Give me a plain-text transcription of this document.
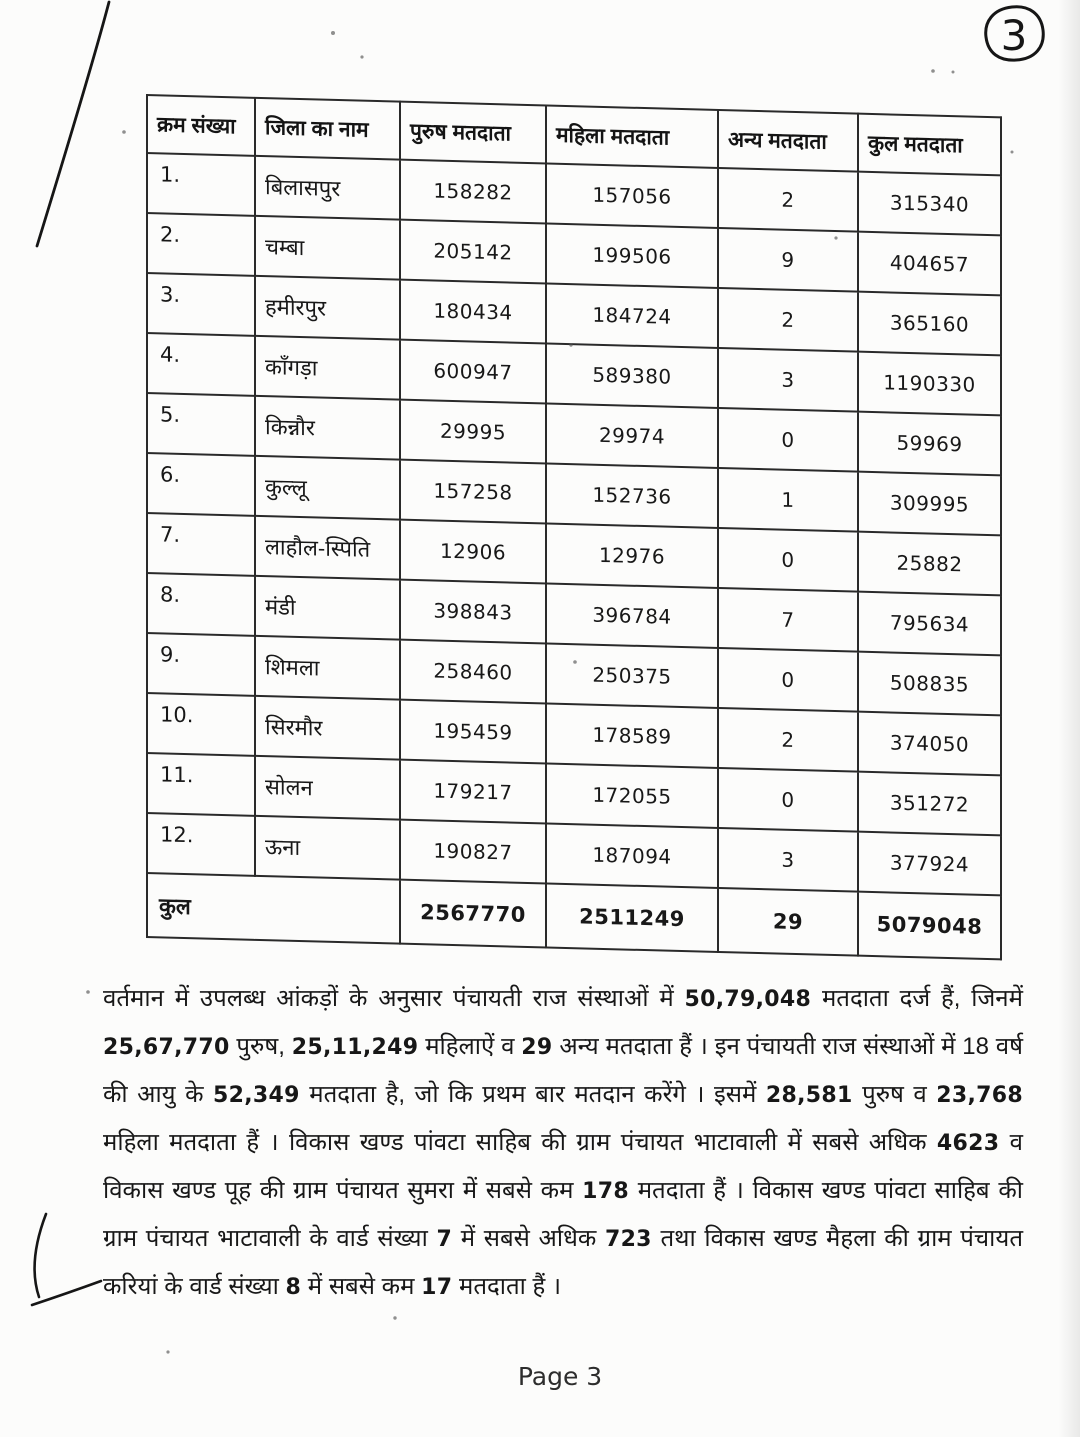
क्रम संख्या	जिला का नाम	पुरुष मतदाता	महिला मतदाता	अन्य मतदाता	कुल मतदाता
1.	बिलासपुर	158282	157056	2	315340
2.	चम्बा	205142	199506	9	404657
3.	हमीरपुर	180434	184724	2	365160
4.	काँगड़ा	600947	589380	3	1190330
5.	किन्नौर	29995	29974	0	59969
6.	कुल्लू	157258	152736	1	309995
7.	लाहौल-स्पिति	12906	12976	0	25882
8.	मंडी	398843	396784	7	795634
9.	शिमला	258460	250375	0	508835
10.	सिरमौर	195459	178589	2	374050
11.	सोलन	179217	172055	0	351272
12.	ऊना	190827	187094	3	377924
कुल		2567770	2511249	29	5079048
वर्तमान में उपलब्ध आंकड़ों के अनुसार पंचायती राज संस्थाओं में 50,79,048 मतदाता दर्ज हैं, जिनमें 25,67,770 पुरुष, 25,11,249 महिलाऐं व 29 अन्य मतदाता हैं । इन पंचायती राज संस्थाओं में 18 वर्ष की आयु के 52,349 मतदाता है, जो कि प्रथम बार मतदान करेंगे । इसमें 28,581 पुरुष व 23,768 महिला मतदाता हैं । विकास खण्ड पांवटा साहिब की ग्राम पंचायत भाटावाली में सबसे अधिक 4623 व विकास खण्ड पूह की ग्राम पंचायत सुमरा में सबसे कम 178 मतदाता हैं । विकास खण्ड पांवटा साहिब की ग्राम पंचायत भाटावाली के वार्ड संख्या 7 में सबसे अधिक 723 तथा विकास खण्ड मैहला की ग्राम पंचायत करियां के वार्ड संख्या 8 में सबसे कम 17 मतदाता हैं ।
Page 3
3
